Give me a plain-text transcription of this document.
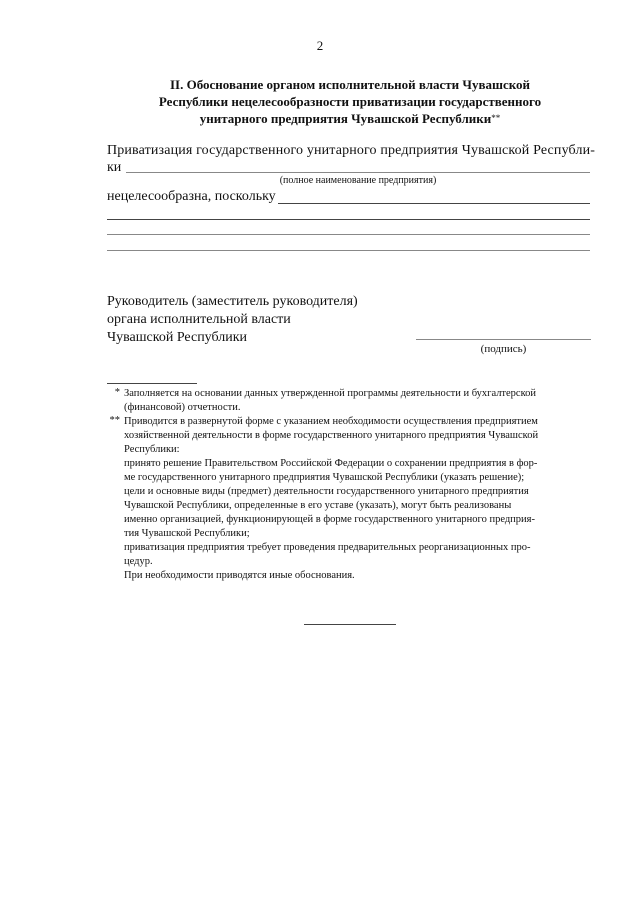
2
II. Обоснование органом исполнительной власти Чувашской
Республики нецелесообразности приватизации государственного
унитарного предприятия Чувашской Республики**
Приватизация государственного унитарного предприятия Чувашской Республи-
ки
(полное наименование предприятия)
нецелесообразна, поскольку
Руководитель (заместитель руководителя)
органа исполнительной власти
Чувашской Республики
(подпись)
* Заполняется на основании данных утвержденной программы деятельности и бухгалтерской
(финансовой) отчетности.
** Приводится в развернутой форме с указанием необходимости осуществления предприятием
хозяйственной деятельности в форме государственного унитарного предприятия Чувашской
Республики:
принято решение Правительством Российской Федерации о сохранении предприятия в фор-
ме государственного унитарного предприятия Чувашской Республики (указать решение);
цели и основные виды (предмет) деятельности государственного унитарного предприятия
Чувашской Республики, определенные в его уставе (указать), могут быть реализованы
именно организацией, функционирующей в форме государственного унитарного предприя-
тия Чувашской Республики;
приватизация предприятия требует проведения предварительных реорганизационных про-
цедур.
При необходимости приводятся иные обоснования.
